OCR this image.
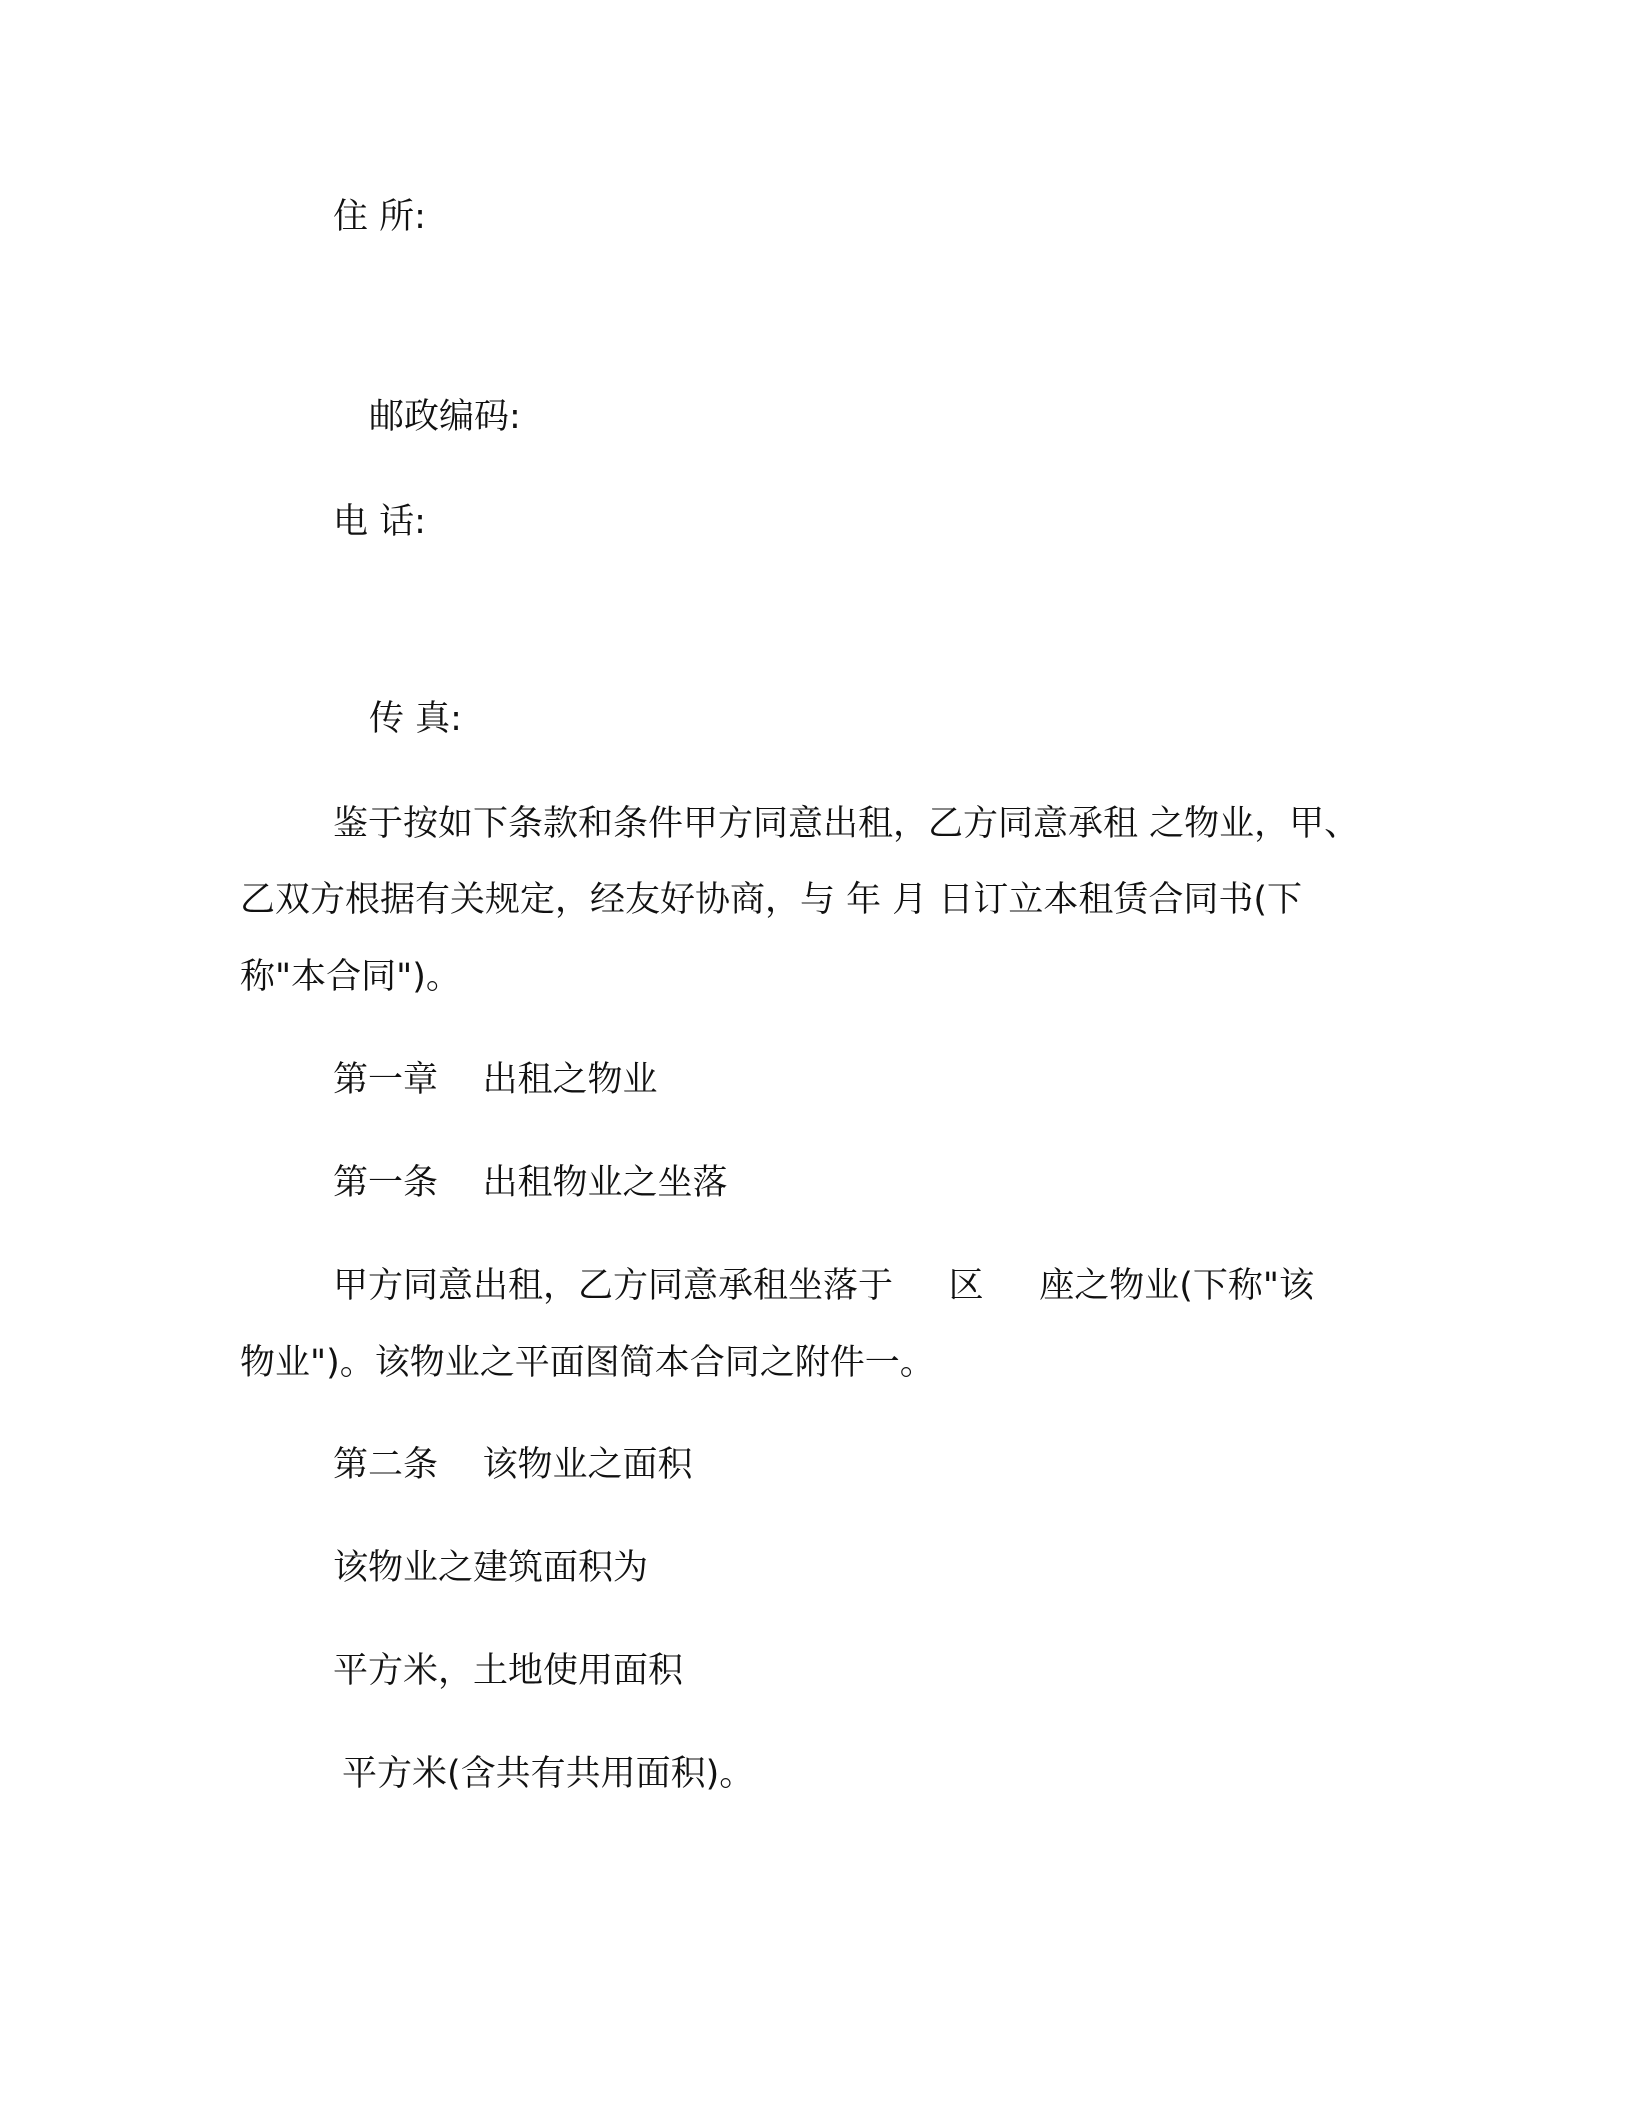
住 所:
邮政编码:
电 话:
传 真:
鉴于按如下条款和条件甲方同意出租，乙方同意承租 之物业，甲、
乙双方根据有关规定，经友好协商，与 年 月 日订立本租赁合同书(下
称"本合同")。
第一章    出租之物业
第一条    出租物业之坐落
甲方同意出租，乙方同意承租坐落于     区     座之物业(下称"该
物业")。该物业之平面图简本合同之附件一。
第二条    该物业之面积
该物业之建筑面积为
平方米，土地使用面积
平方米(含共有共用面积)。
